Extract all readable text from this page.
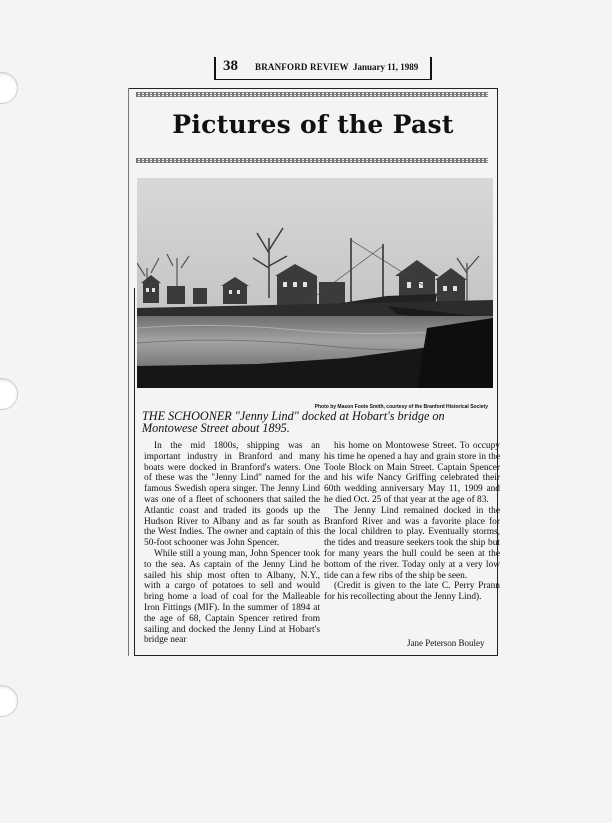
38 BRANFORD REVIEW January 11, 1989
Pictures of the Past
Photo by Mason Foote Smith, courtesy of the Branford Historical Society
THE SCHOONER "Jenny Lind" docked at Hobart's bridge on Montowese Street about 1895.

In the mid 1800s, shipping was an important industry in Branford and many boats were docked in Branford's waters. One of these was the "Jenny Lind" named for the famous Swedish opera singer. The Jenny Lind was one of a fleet of schooners that sailed the Atlantic coast and traded its goods up the Hudson River to Albany and as far south as the West Indies. The owner and captain of this 50-foot schooner was John Spencer.

While still a young man, John Spencer took to the sea. As captain of the Jenny Lind he sailed his ship most often to Albany, N.Y., with a cargo of potatoes to sell and would bring home a load of coal for the Malleable Iron Fittings (MIF). In the summer of 1894 at the age of 68, Captain Spencer retired from sailing and docked the Jenny Lind at Hobart's bridge near

his home on Montowese Street. To occupy his time he opened a hay and grain store in the Toole Block on Main Street. Captain Spencer and his wife Nancy Griffing celebrated their 60th wedding anniversary May 11, 1909 and he died Oct. 25 of that year at the age of 83.

The Jenny Lind remained docked in the Branford River and was a favorite place for the local children to play. Eventually storms, the tides and treasure seekers took the ship but for many years the hull could be seen at the bottom of the river. Today only at a very low tide can a few ribs of the ship be seen.

(Credit is given to the late C. Perry Prann for his recollecting about the Jenny Lind).

Jane Peterson Bouley
